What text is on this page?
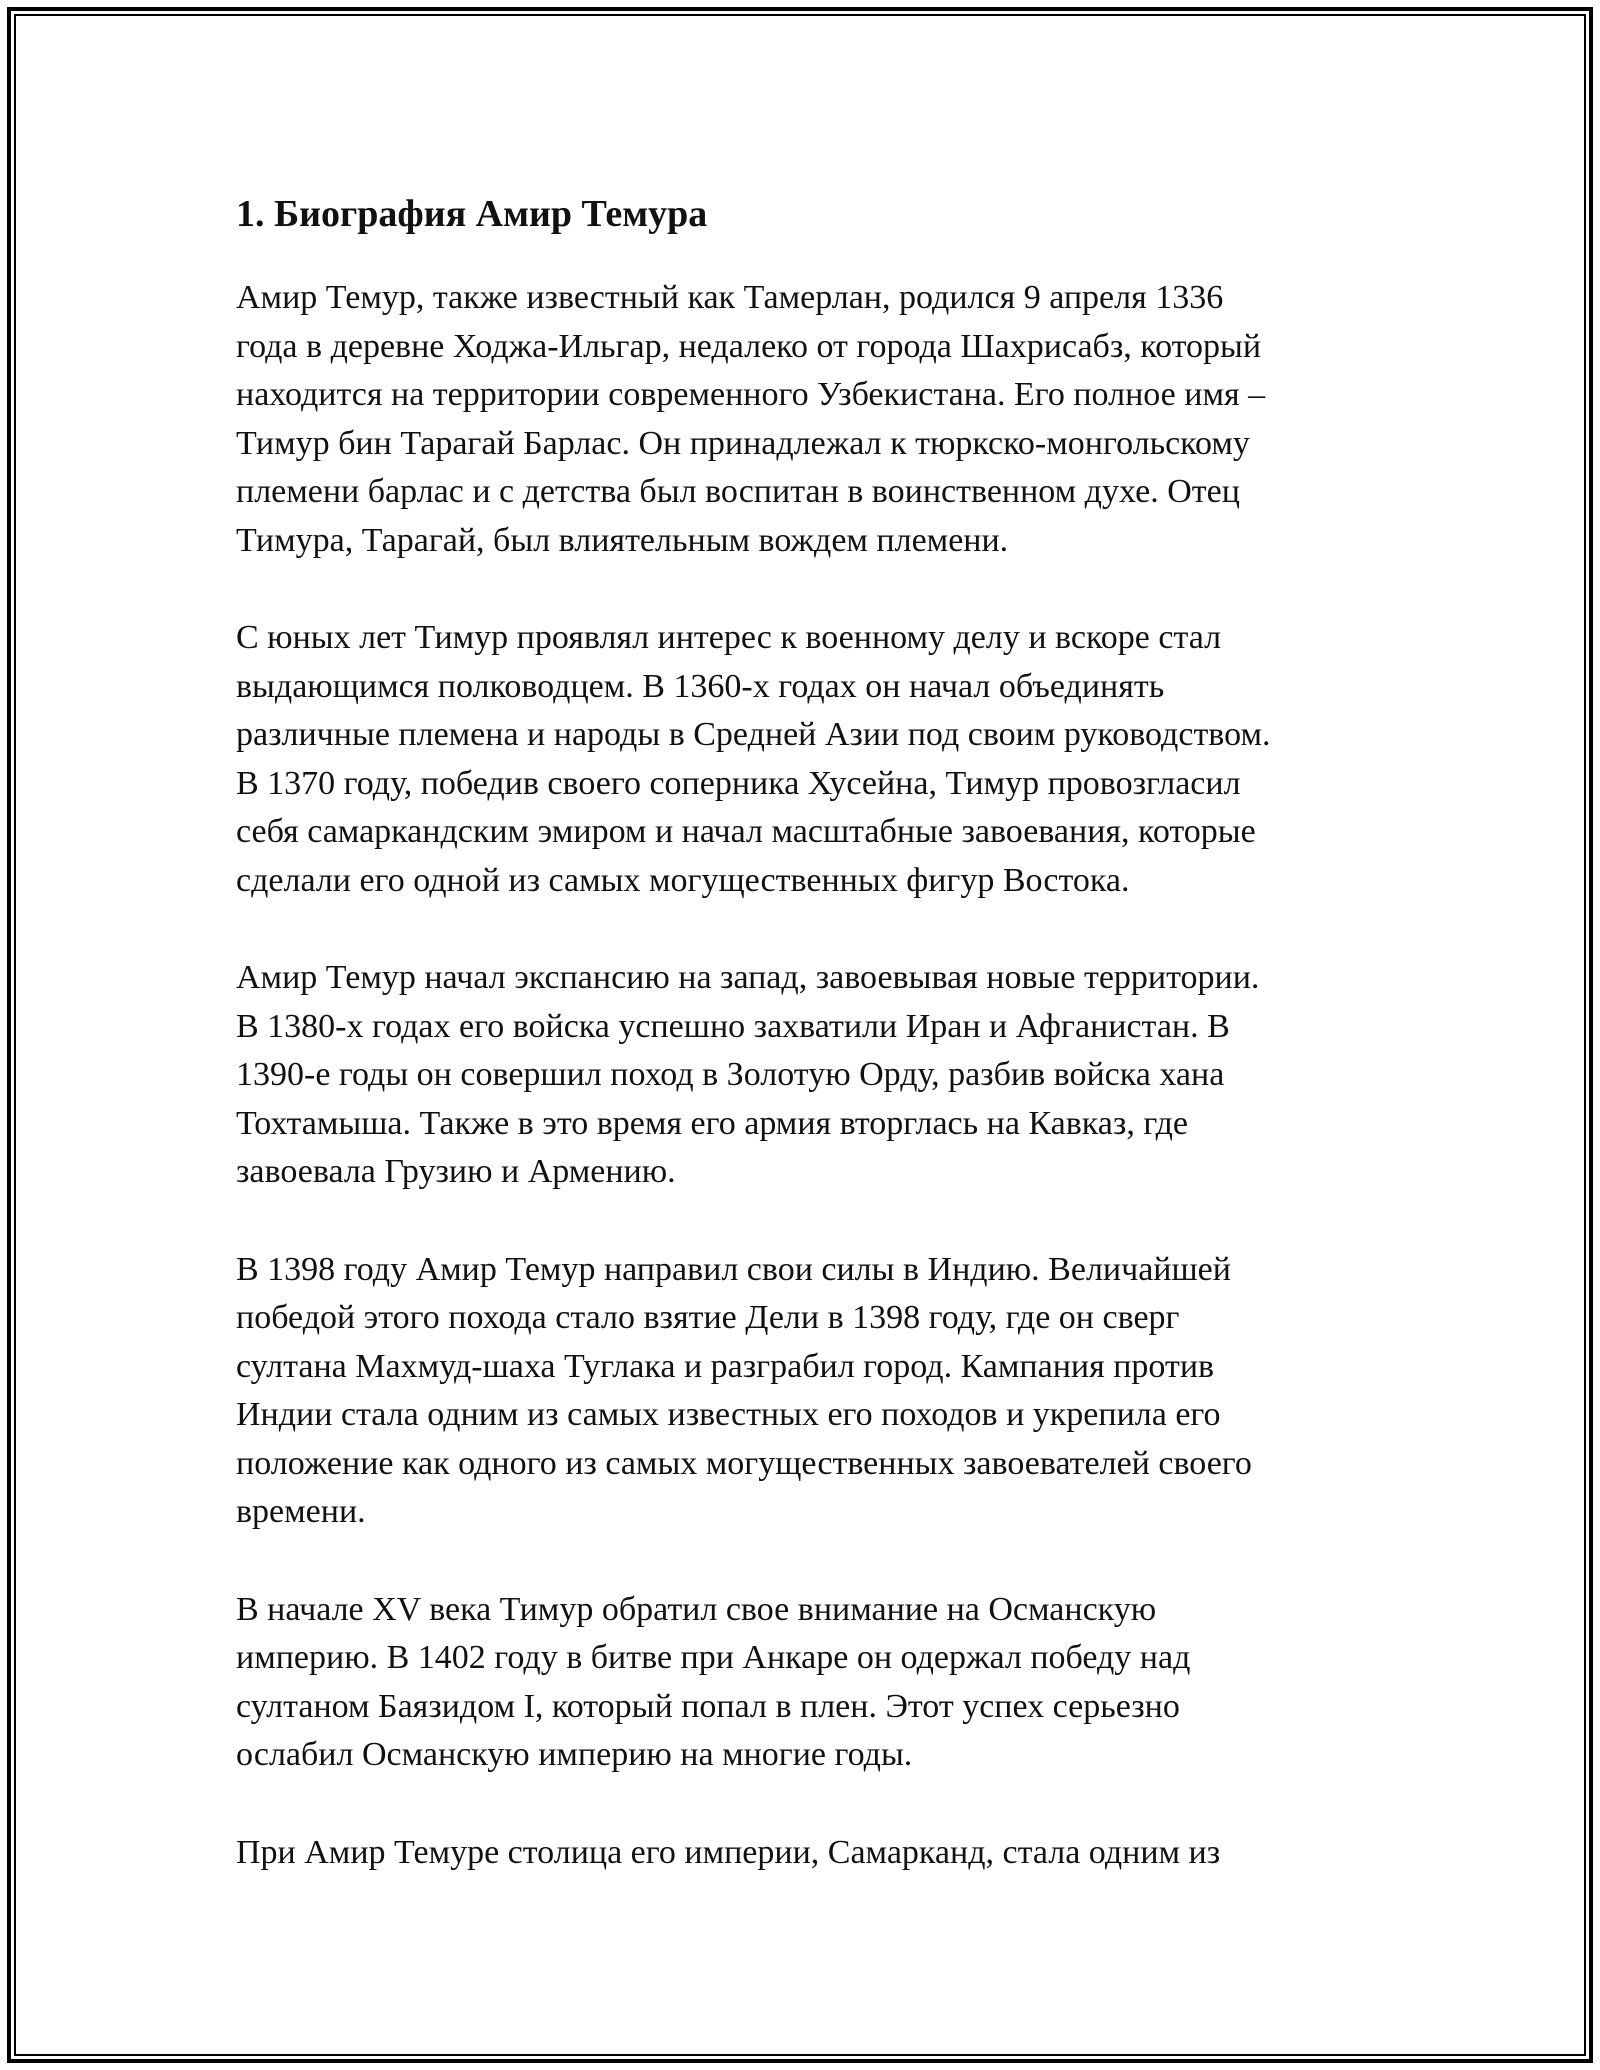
1. Биография Амир Темура

Амир Темур, также известный как Тамерлан, родился 9 апреля 1336
года в деревне Ходжа-Ильгар, недалеко от города Шахрисабз, который
находится на территории современного Узбекистана. Его полное имя –
Тимур бин Тарагай Барлас. Он принадлежал к тюркско-монгольскому
племени барлас и с детства был воспитан в воинственном духе. Отец
Тимура, Тарагай, был влиятельным вождем племени.

С юных лет Тимур проявлял интерес к военному делу и вскоре стал
выдающимся полководцем. В 1360-х годах он начал объединять
различные племена и народы в Средней Азии под своим руководством.
В 1370 году, победив своего соперника Хусейна, Тимур провозгласил
себя самаркандским эмиром и начал масштабные завоевания, которые
сделали его одной из самых могущественных фигур Востока.

Амир Темур начал экспансию на запад, завоевывая новые территории.
В 1380-х годах его войска успешно захватили Иран и Афганистан. В
1390-е годы он совершил поход в Золотую Орду, разбив войска хана
Тохтамыша. Также в это время его армия вторглась на Кавказ, где
завоевала Грузию и Армению.

В 1398 году Амир Темур направил свои силы в Индию. Величайшей
победой этого похода стало взятие Дели в 1398 году, где он сверг
султана Махмуд-шаха Туглака и разграбил город. Кампания против
Индии стала одним из самых известных его походов и укрепила его
положение как одного из самых могущественных завоевателей своего
времени.

В начале XV века Тимур обратил свое внимание на Османскую
империю. В 1402 году в битве при Анкаре он одержал победу над
султаном Баязидом I, который попал в плен. Этот успех серьезно
ослабил Османскую империю на многие годы.

При Амир Темуре столица его империи, Самарканд, стала одним из
